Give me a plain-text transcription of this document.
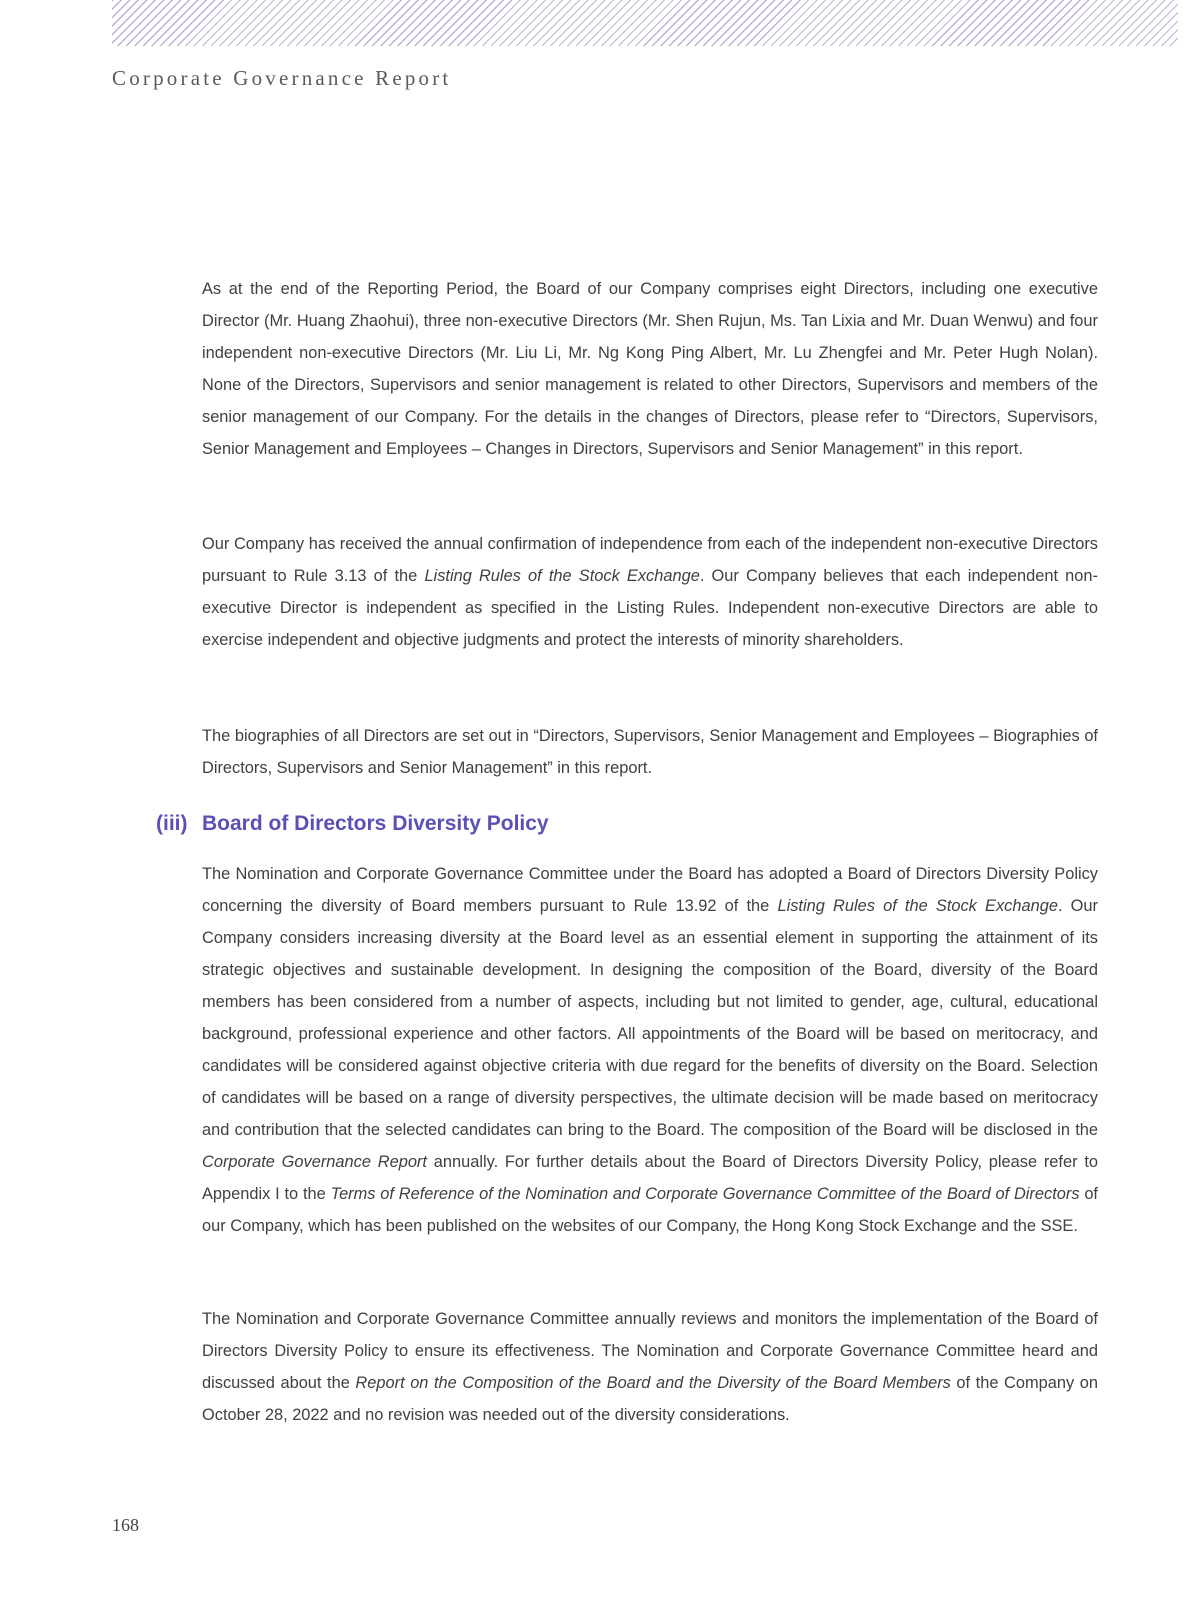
Corporate Governance Report

As at the end of the Reporting Period, the Board of our Company comprises eight Directors, including one executive Director (Mr. Huang Zhaohui), three non-executive Directors (Mr. Shen Rujun, Ms. Tan Lixia and Mr. Duan Wenwu) and four independent non-executive Directors (Mr. Liu Li, Mr. Ng Kong Ping Albert, Mr. Lu Zhengfei and Mr. Peter Hugh Nolan). None of the Directors, Supervisors and senior management is related to other Directors, Supervisors and members of the senior management of our Company. For the details in the changes of Directors, please refer to “Directors, Supervisors, Senior Management and Employees – Changes in Directors, Supervisors and Senior Management” in this report.

Our Company has received the annual confirmation of independence from each of the independent non-executive Directors pursuant to Rule 3.13 of the Listing Rules of the Stock Exchange. Our Company believes that each independent non-executive Director is independent as specified in the Listing Rules. Independent non-executive Directors are able to exercise independent and objective judgments and protect the interests of minority shareholders.

The biographies of all Directors are set out in “Directors, Supervisors, Senior Management and Employees – Biographies of Directors, Supervisors and Senior Management” in this report.

(iii) Board of Directors Diversity Policy

The Nomination and Corporate Governance Committee under the Board has adopted a Board of Directors Diversity Policy concerning the diversity of Board members pursuant to Rule 13.92 of the Listing Rules of the Stock Exchange. Our Company considers increasing diversity at the Board level as an essential element in supporting the attainment of its strategic objectives and sustainable development. In designing the composition of the Board, diversity of the Board members has been considered from a number of aspects, including but not limited to gender, age, cultural, educational background, professional experience and other factors. All appointments of the Board will be based on meritocracy, and candidates will be considered against objective criteria with due regard for the benefits of diversity on the Board. Selection of candidates will be based on a range of diversity perspectives, the ultimate decision will be made based on meritocracy and contribution that the selected candidates can bring to the Board. The composition of the Board will be disclosed in the Corporate Governance Report annually. For further details about the Board of Directors Diversity Policy, please refer to Appendix I to the Terms of Reference of the Nomination and Corporate Governance Committee of the Board of Directors of our Company, which has been published on the websites of our Company, the Hong Kong Stock Exchange and the SSE.

The Nomination and Corporate Governance Committee annually reviews and monitors the implementation of the Board of Directors Diversity Policy to ensure its effectiveness. The Nomination and Corporate Governance Committee heard and discussed about the Report on the Composition of the Board and the Diversity of the Board Members of the Company on October 28, 2022 and no revision was needed out of the diversity considerations.

168
